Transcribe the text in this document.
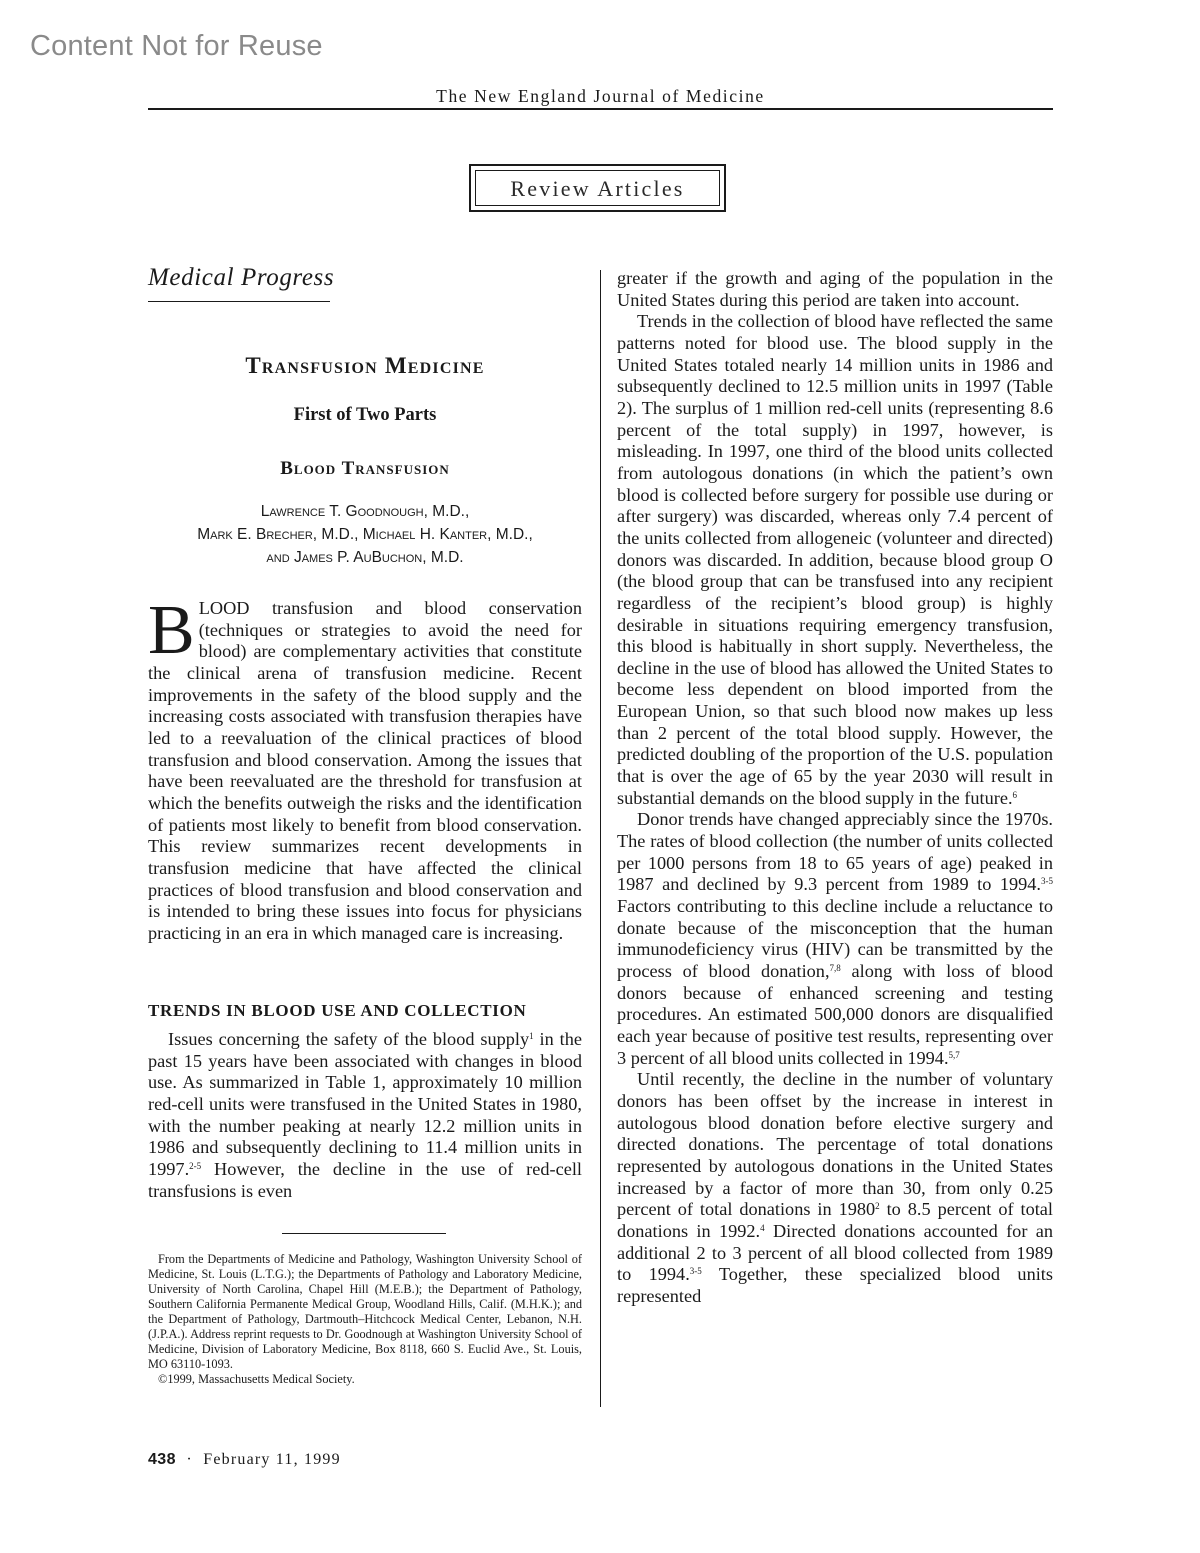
Content Not for Reuse
The New England Journal of Medicine
Review Articles
Medical Progress
Transfusion Medicine
First of Two Parts
Blood Transfusion
Lawrence T. Goodnough, M.D.,
Mark E. Brecher, M.D., Michael H. Kanter, M.D.,
and James P. AuBuchon, M.D.

BLOOD transfusion and blood conservation (techniques or strategies to avoid the need for blood) are complementary activities that constitute the clinical arena of transfusion medicine. Recent improvements in the safety of the blood supply and the increasing costs associated with transfusion therapies have led to a reevaluation of the clinical practices of blood transfusion and blood conservation. Among the issues that have been reevaluated are the threshold for transfusion at which the benefits outweigh the risks and the identification of patients most likely to benefit from blood conservation. This review summarizes recent developments in transfusion medicine that have affected the clinical practices of blood transfusion and blood conservation and is intended to bring these issues into focus for physicians practicing in an era in which managed care is increasing.

TRENDS IN BLOOD USE AND COLLECTION

Issues concerning the safety of the blood supply$^1$ in the past 15 years have been associated with changes in blood use. As summarized in Table 1, approximately 10 million red-cell units were transfused in the United States in 1980, with the number peaking at nearly 12.2 million units in 1986 and subsequently declining to 11.4 million units in 1997.$^{2-5}$ However, the decline in the use of red-cell transfusions is even

From the Departments of Medicine and Pathology, Washington University School of Medicine, St. Louis (L.T.G.); the Departments of Pathology and Laboratory Medicine, University of North Carolina, Chapel Hill (M.E.B.); the Department of Pathology, Southern California Permanente Medical Group, Woodland Hills, Calif. (M.H.K.); and the Department of Pathology, Dartmouth–Hitchcock Medical Center, Lebanon, N.H. (J.P.A.). Address reprint requests to Dr. Goodnough at Washington University School of Medicine, Division of Laboratory Medicine, Box 8118, 660 S. Euclid Ave., St. Louis, MO 63110-1093.

©1999, Massachusetts Medical Society.

greater if the growth and aging of the population in the United States during this period are taken into account.

Trends in the collection of blood have reflected the same patterns noted for blood use. The blood supply in the United States totaled nearly 14 million units in 1986 and subsequently declined to 12.5 million units in 1997 (Table 2). The surplus of 1 million red-cell units (representing 8.6 percent of the total supply) in 1997, however, is misleading. In 1997, one third of the blood units collected from autologous donations (in which the patient’s own blood is collected before surgery for possible use during or after surgery) was discarded, whereas only 7.4 percent of the units collected from allogeneic (volunteer and directed) donors was discarded. In addition, because blood group O (the blood group that can be transfused into any recipient regardless of the recipient’s blood group) is highly desirable in situations requiring emergency transfusion, this blood is habitually in short supply. Nevertheless, the decline in the use of blood has allowed the United States to become less dependent on blood imported from the European Union, so that such blood now makes up less than 2 percent of the total blood supply. However, the predicted doubling of the proportion of the U.S. population that is over the age of 65 by the year 2030 will result in substantial demands on the blood supply in the future.$^6$

Donor trends have changed appreciably since the 1970s. The rates of blood collection (the number of units collected per 1000 persons from 18 to 65 years of age) peaked in 1987 and declined by 9.3 percent from 1989 to 1994.$^{3-5}$ Factors contributing to this decline include a reluctance to donate because of the misconception that the human immunodeficiency virus (HIV) can be transmitted by the process of blood donation,$^{7,8}$ along with loss of blood donors because of enhanced screening and testing procedures. An estimated 500,000 donors are disqualified each year because of positive test results, representing over 3 percent of all blood units collected in 1994.$^{5,7}$

Until recently, the decline in the number of voluntary donors has been offset by the increase in interest in autologous blood donation before elective surgery and directed donations. The percentage of total donations represented by autologous donations in the United States increased by a factor of more than 30, from only 0.25 percent of total donations in 1980$^2$ to 8.5 percent of total donations in 1992.$^4$ Directed donations accounted for an additional 2 to 3 percent of all blood collected from 1989 to 1994.$^{3-5}$ Together, these specialized blood units represented

438 · February 11, 1999
